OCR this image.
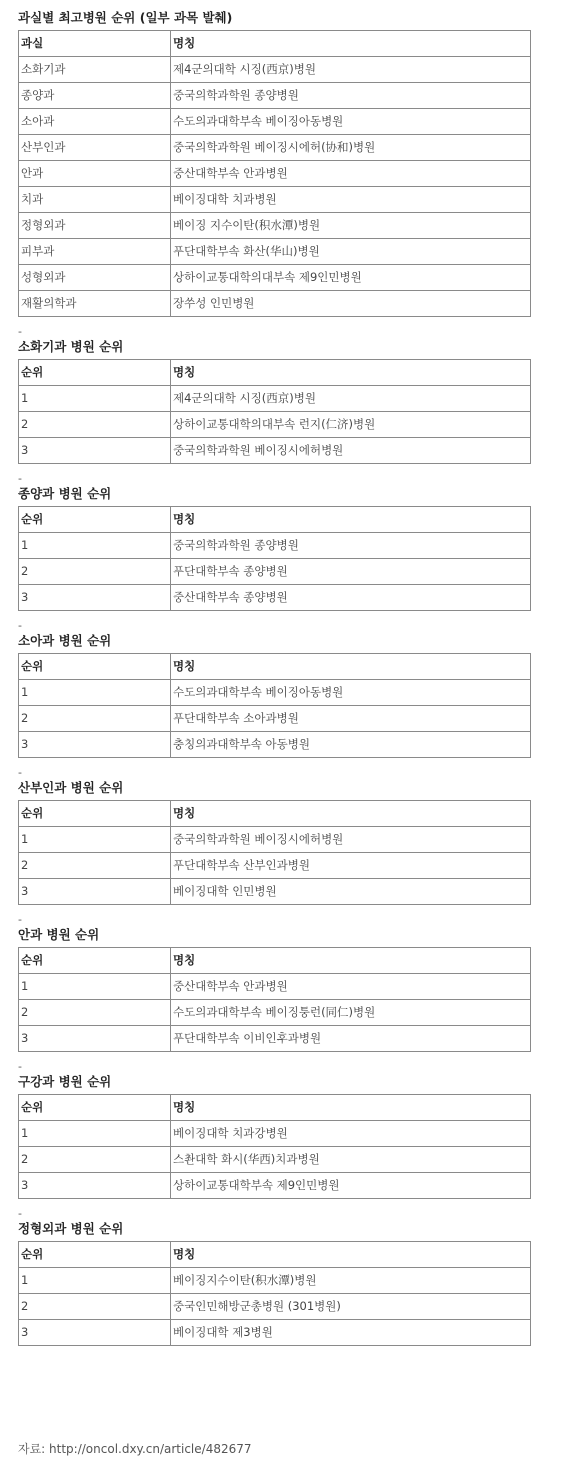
과실별 최고병원 순위 (일부 과목 발췌)

과실	명칭
소화기과	제4군의대학 시징(西京)병원
종양과	중국의학과학원 종양병원
소아과	수도의과대학부속 베이징아동병원
산부인과	중국의학과학원 베이징시에허(协和)병원
안과	중산대학부속 안과병원
치과	베이징대학 치과병원
정형외과	베이징 지수이탄(积水潭)병원
피부과	푸단대학부속 화산(华山)병원
성형외과	상하이교통대학의대부속 제9인민병원
재활의학과	장쑤성 인민병원

-

소화기과 병원 순위

순위	명칭
1	제4군의대학 시징(西京)병원
2	상하이교통대학의대부속 런지(仁济)병원
3	중국의학과학원 베이징시에허병원

-

종양과 병원 순위

순위	명칭
1	중국의학과학원 종양병원
2	푸단대학부속 종양병원
3	중산대학부속 종양병원

-

소아과 병원 순위

순위	명칭
1	수도의과대학부속 베이징아동병원
2	푸단대학부속 소아과병원
3	충칭의과대학부속 아동병원

-

산부인과 병원 순위

순위	명칭
1	중국의학과학원 베이징시에허병원
2	푸단대학부속 산부인과병원
3	베이징대학 인민병원

-

안과 병원 순위

순위	명칭
1	중산대학부속 안과병원
2	수도의과대학부속 베이징퉁런(同仁)병원
3	푸단대학부속 이비인후과병원

-

구강과 병원 순위

순위	명칭
1	베이징대학 치과강병원
2	스촨대학 화시(华西)치과병원
3	상하이교통대학부속 제9인민병원

-

정형외과 병원 순위

순위	명칭
1	베이징지수이탄(积水潭)병원
2	중국인민해방군총병원 (301병원)
3	베이징대학 제3병원

자료: http://oncol.dxy.cn/article/482677
